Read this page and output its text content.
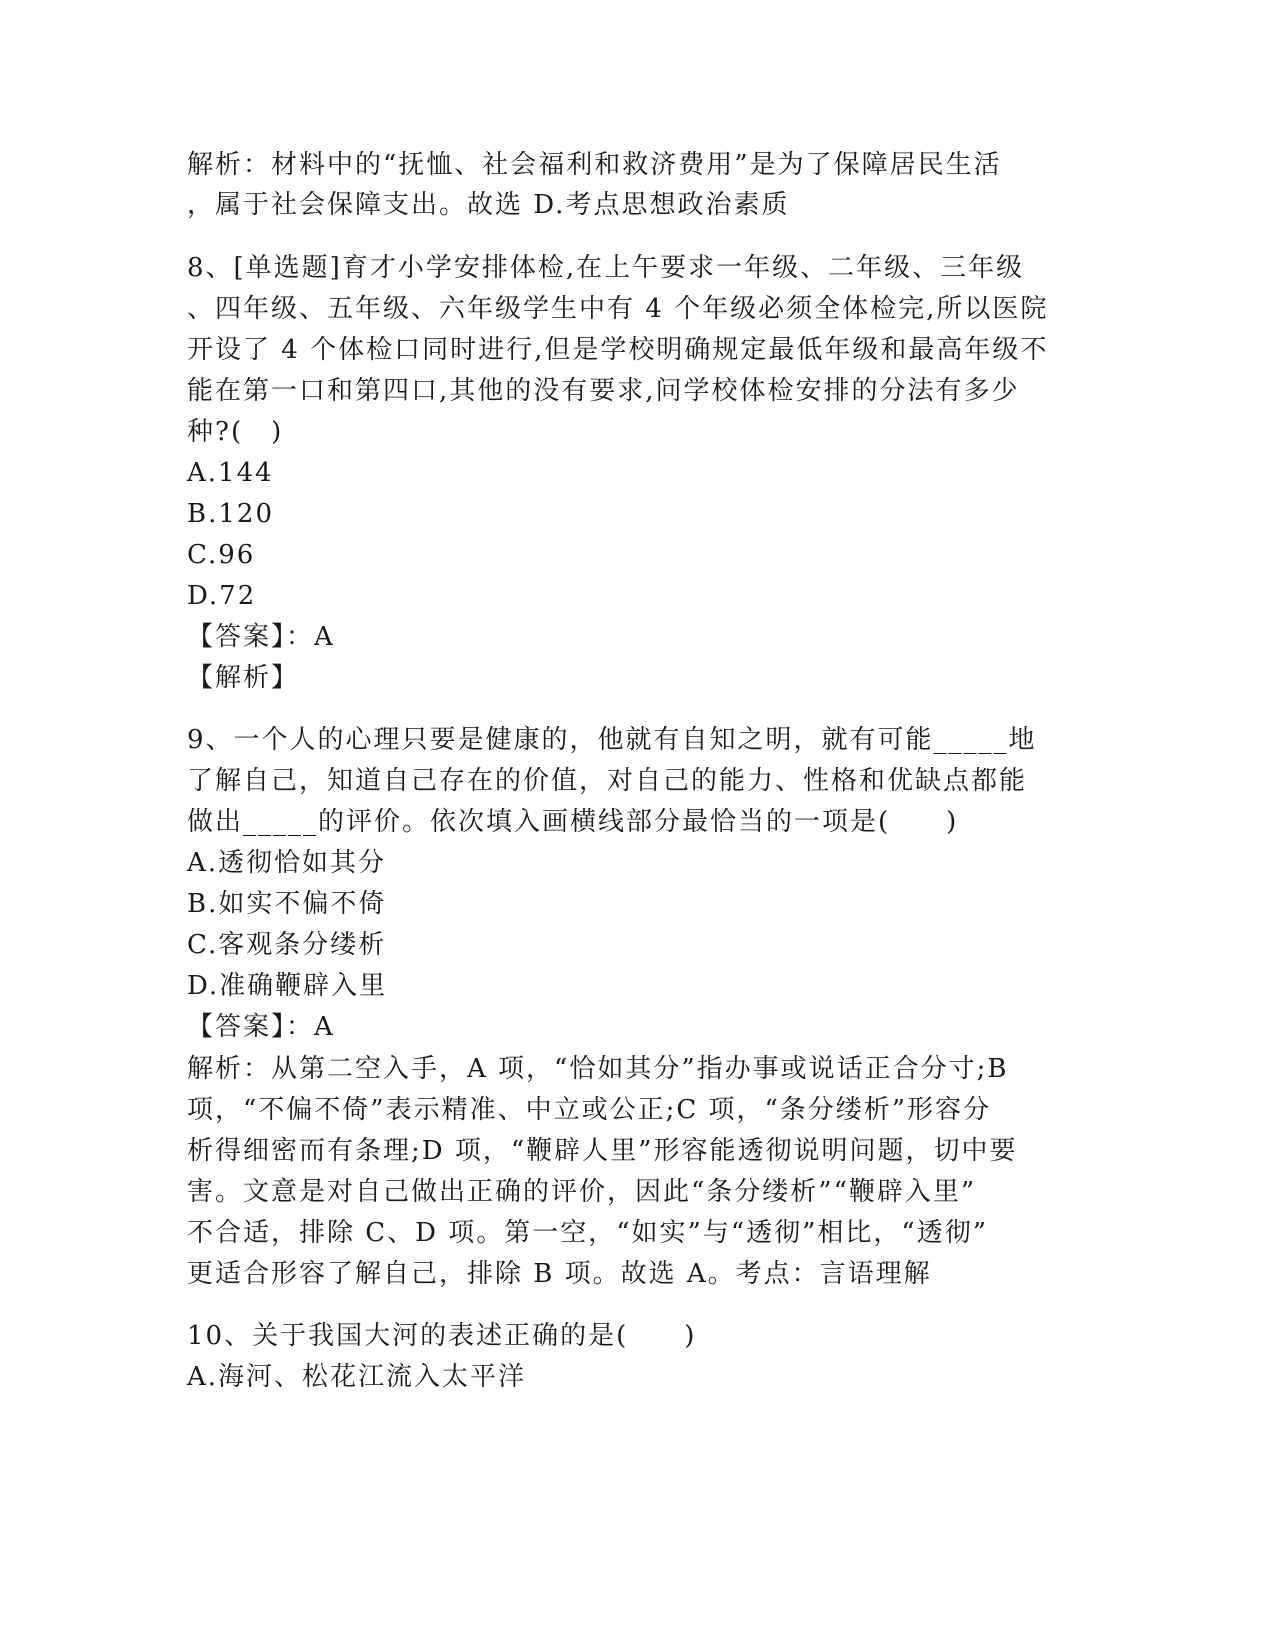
解析：材料中的“抚恤、社会福利和救济费用”是为了保障居民生活
，属于社会保障支出。故选 D.考点思想政治素质
8、[单选题]育才小学安排体检,在上午要求一年级、二年级、三年级
、四年级、五年级、六年级学生中有 4 个年级必须全体检完,所以医院
开设了 4 个体检口同时进行,但是学校明确规定最低年级和最高年级不
能在第一口和第四口,其他的没有要求,问学校体检安排的分法有多少
种?(　)
A.144
B.120
C.96
D.72
【答案】：A
【解析】
9、一个人的心理只要是健康的，他就有自知之明，就有可能_____地
了解自己，知道自己存在的价值，对自己的能力、性格和优缺点都能
做出_____的评价。依次填入画横线部分最恰当的一项是(　　)
A.透彻恰如其分
B.如实不偏不倚
C.客观条分缕析
D.准确鞭辟入里
【答案】：A
解析：从第二空入手，A 项，“恰如其分”指办事或说话正合分寸;B
项，“不偏不倚”表示精准、中立或公正;C 项，“条分缕析”形容分
析得细密而有条理;D 项，“鞭辟人里”形容能透彻说明问题，切中要
害。文意是对自己做出正确的评价，因此“条分缕析”“鞭辟入里”
不合适，排除 C、D 项。第一空，“如实”与“透彻”相比，“透彻”
更适合形容了解自己，排除 B 项。故选 A。考点：言语理解
10、关于我国大河的表述正确的是(　　)
A.海河、松花江流入太平洋
